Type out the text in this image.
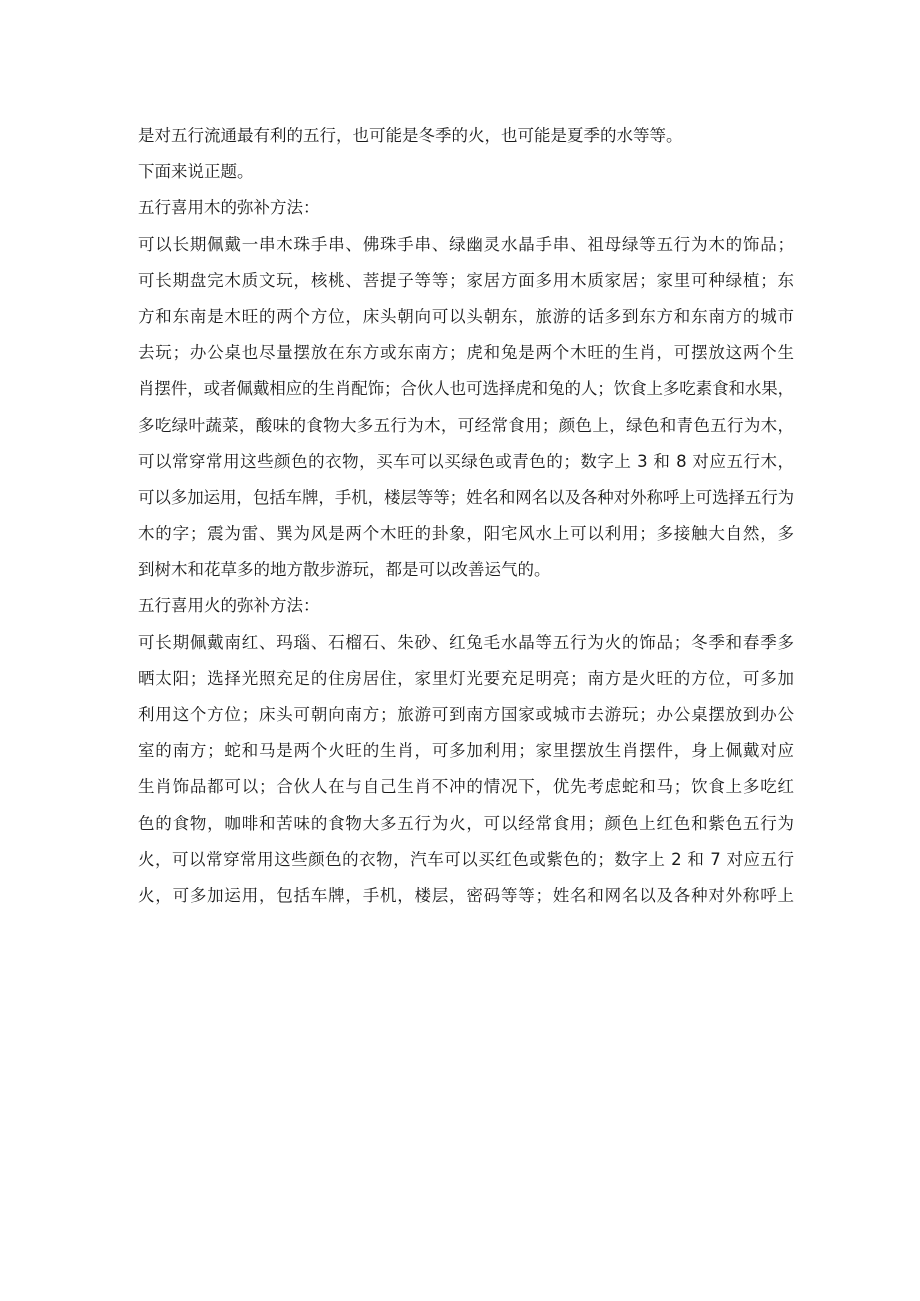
是对五行流通最有利的五行，也可能是冬季的火，也可能是夏季的水等等。
下面来说正题。
五行喜用木的弥补方法：
可以长期佩戴一串木珠手串、佛珠手串、绿幽灵水晶手串、祖母绿等五行为木的饰品；
可长期盘完木质文玩，核桃、菩提子等等；家居方面多用木质家居；家里可种绿植；东
方和东南是木旺的两个方位，床头朝向可以头朝东，旅游的话多到东方和东南方的城市
去玩；办公桌也尽量摆放在东方或东南方；虎和兔是两个木旺的生肖，可摆放这两个生
肖摆件，或者佩戴相应的生肖配饰；合伙人也可选择虎和兔的人；饮食上多吃素食和水果，
多吃绿叶蔬菜，酸味的食物大多五行为木，可经常食用；颜色上，绿色和青色五行为木，
可以常穿常用这些颜色的衣物，买车可以买绿色或青色的；数字上 3 和 8 对应五行木，
可以多加运用，包括车牌，手机，楼层等等；姓名和网名以及各种对外称呼上可选择五行为
木的字；震为雷、巽为风是两个木旺的卦象，阳宅风水上可以利用；多接触大自然，多
到树木和花草多的地方散步游玩，都是可以改善运气的。
五行喜用火的弥补方法：
可长期佩戴南红、玛瑙、石榴石、朱砂、红兔毛水晶等五行为火的饰品；冬季和春季多
晒太阳；选择光照充足的住房居住，家里灯光要充足明亮；南方是火旺的方位，可多加
利用这个方位；床头可朝向南方；旅游可到南方国家或城市去游玩；办公桌摆放到办公
室的南方；蛇和马是两个火旺的生肖，可多加利用；家里摆放生肖摆件，身上佩戴对应
生肖饰品都可以；合伙人在与自己生肖不冲的情况下，优先考虑蛇和马；饮食上多吃红
色的食物，咖啡和苦味的食物大多五行为火，可以经常食用；颜色上红色和紫色五行为
火，可以常穿常用这些颜色的衣物，汽车可以买红色或紫色的；数字上 2 和 7 对应五行
火，可多加运用，包括车牌，手机，楼层，密码等等；姓名和网名以及各种对外称呼上
